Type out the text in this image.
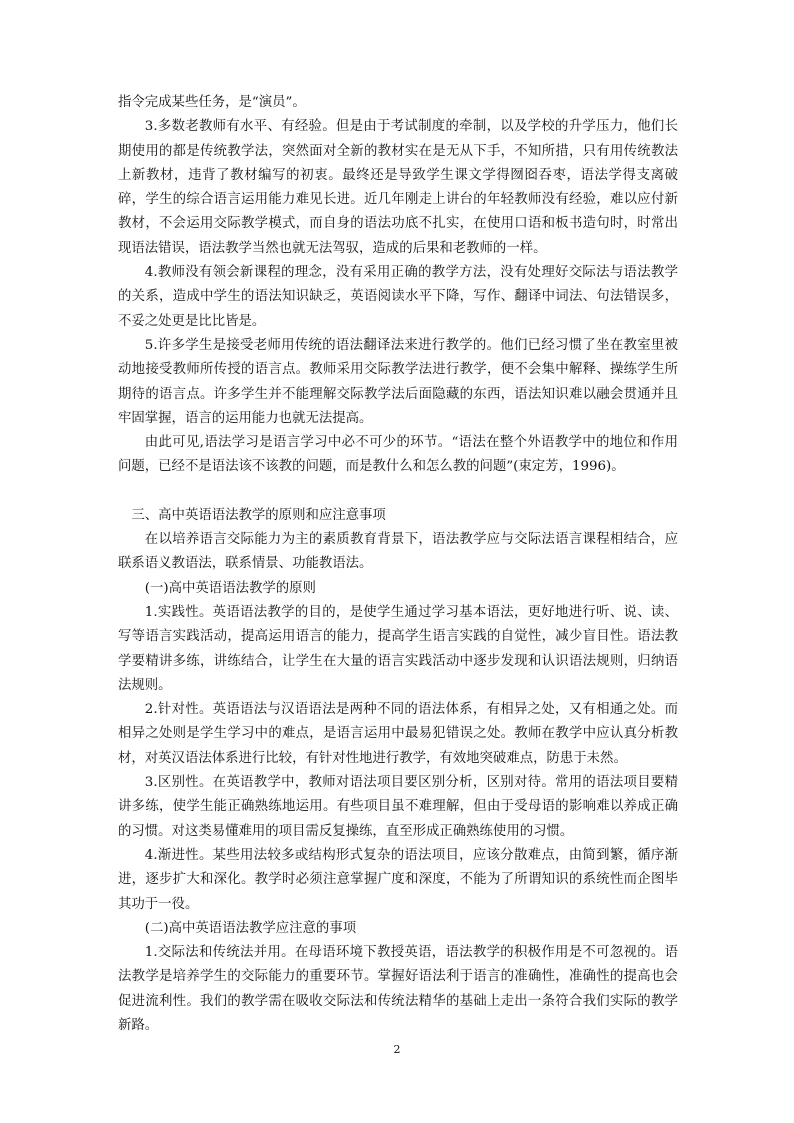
指令完成某些任务，是“演员”。

3.多数老教师有水平、有经验。但是由于考试制度的牵制，以及学校的升学压力，他们长期使用的都是传统教学法，突然面对全新的教材实在是无从下手，不知所措，只有用传统教法上新教材，违背了教材编写的初衷。最终还是导致学生课文学得囫囵吞枣，语法学得支离破碎，学生的综合语言运用能力难见长进。近几年刚走上讲台的年轻教师没有经验，难以应付新教材，不会运用交际教学模式，而自身的语法功底不扎实，在使用口语和板书造句时，时常出现语法错误，语法教学当然也就无法驾驭，造成的后果和老教师的一样。

4.教师没有领会新课程的理念，没有采用正确的教学方法，没有处理好交际法与语法教学的关系，造成中学生的语法知识缺乏，英语阅读水平下降，写作、翻译中词法、句法错误多，不妥之处更是比比皆是。

5.许多学生是接受老师用传统的语法翻译法来进行教学的。他们已经习惯了坐在教室里被动地接受教师所传授的语言点。教师采用交际教学法进行教学，便不会集中解释、操练学生所期待的语言点。许多学生并不能理解交际教学法后面隐藏的东西，语法知识难以融会贯通并且牢固掌握，语言的运用能力也就无法提高。

由此可见,语法学习是语言学习中必不可少的环节。“语法在整个外语教学中的地位和作用问题，已经不是语法该不该教的问题，而是教什么和怎么教的问题”(束定芳，1996)。

三、高中英语语法教学的原则和应注意事项

在以培养语言交际能力为主的素质教育背景下，语法教学应与交际法语言课程相结合，应联系语义教语法，联系情景、功能教语法。

(一)高中英语语法教学的原则

1.实践性。英语语法教学的目的，是使学生通过学习基本语法，更好地进行听、说、读、写等语言实践活动，提高运用语言的能力，提高学生语言实践的自觉性，减少盲目性。语法教学要精讲多练，讲练结合，让学生在大量的语言实践活动中逐步发现和认识语法规则，归纳语法规则。

2.针对性。英语语法与汉语语法是两种不同的语法体系，有相异之处，又有相通之处。而相异之处则是学生学习中的难点，是语言运用中最易犯错误之处。教师在教学中应认真分析教材，对英汉语法体系进行比较，有针对性地进行教学，有效地突破难点，防患于未然。

3.区别性。在英语教学中，教师对语法项目要区别分析，区别对待。常用的语法项目要精讲多练，使学生能正确熟练地运用。有些项目虽不难理解，但由于受母语的影响难以养成正确的习惯。对这类易懂难用的项目需反复操练，直至形成正确熟练使用的习惯。

4.渐进性。某些用法较多或结构形式复杂的语法项目，应该分散难点，由简到繁，循序渐进，逐步扩大和深化。教学时必须注意掌握广度和深度，不能为了所谓知识的系统性而企图毕其功于一役。

(二)高中英语语法教学应注意的事项

1.交际法和传统法并用。在母语环境下教授英语，语法教学的积极作用是不可忽视的。语法教学是培养学生的交际能力的重要环节。掌握好语法利于语言的准确性，准确性的提高也会促进流利性。我们的教学需在吸收交际法和传统法精华的基础上走出一条符合我们实际的教学新路。

2
